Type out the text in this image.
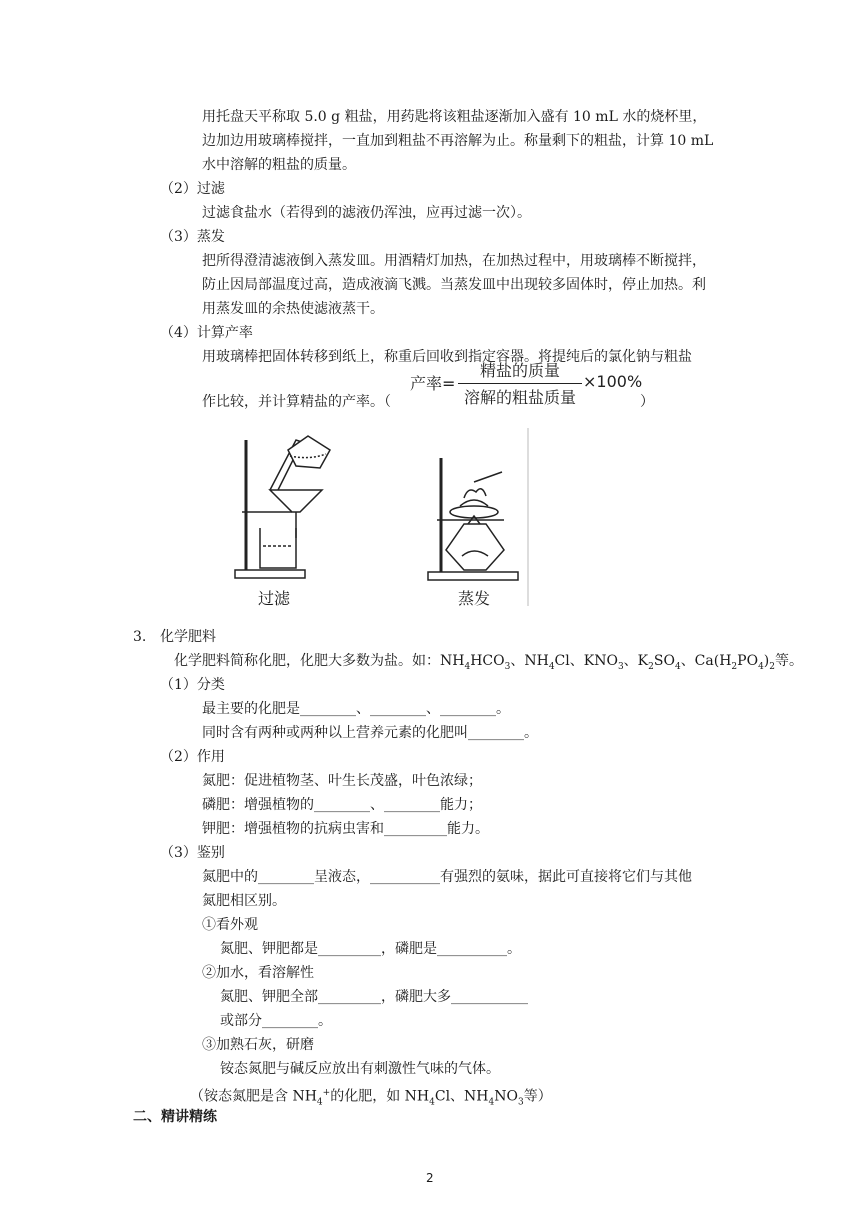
用托盘天平称取 5.0 g 粗盐，用药匙将该粗盐逐渐加入盛有 10 mL 水的烧杯里，
边加边用玻璃棒搅拌，一直加到粗盐不再溶解为止。称量剩下的粗盐，计算 10 mL
水中溶解的粗盐的质量。
（2）过滤
过滤食盐水（若得到的滤液仍浑浊，应再过滤一次）。
（3）蒸发
把所得澄清滤液倒入蒸发皿。用酒精灯加热，在加热过程中，用玻璃棒不断搅拌，
防止因局部温度过高，造成液滴飞溅。当蒸发皿中出现较多固体时，停止加热。利
用蒸发皿的余热使滤液蒸干。
（4）计算产率
用玻璃棒把固体转移到纸上，称重后回收到指定容器。将提纯后的氯化钠与粗盐
作比较，并计算精盐的产率。（	）
产率=
精盐的质量
溶解的粗盐质量
×100%
过滤	蒸发
3. 化学肥料
化学肥料简称化肥，化肥大多数为盐。如：$NH_4HCO_3$、$NH_4Cl$、$KNO_3$、$K_2SO_4$、$Ca(H_2PO_4)_2$等。
（1）分类
最主要的化肥是________、________、________。
同时含有两种或两种以上营养元素的化肥叫________。
（2）作用
氮肥：促进植物茎、叶生长茂盛，叶色浓绿；
磷肥：增强植物的________、________能力；
钾肥：增强植物的抗病虫害和_________能力。
（3）鉴别
氮肥中的________呈液态，__________有强烈的氨味，据此可直接将它们与其他
氮肥相区别。
①看外观
氮肥、钾肥都是_________，磷肥是__________。
②加水，看溶解性
氮肥、钾肥全部_________，磷肥大多___________
或部分________。
③加熟石灰，研磨
铵态氮肥与碱反应放出有刺激性气味的气体。
（铵态氮肥是含 $NH_4^+$的化肥，如 $NH_4Cl$、$NH_4NO_3$等）
二、精讲精练
2
